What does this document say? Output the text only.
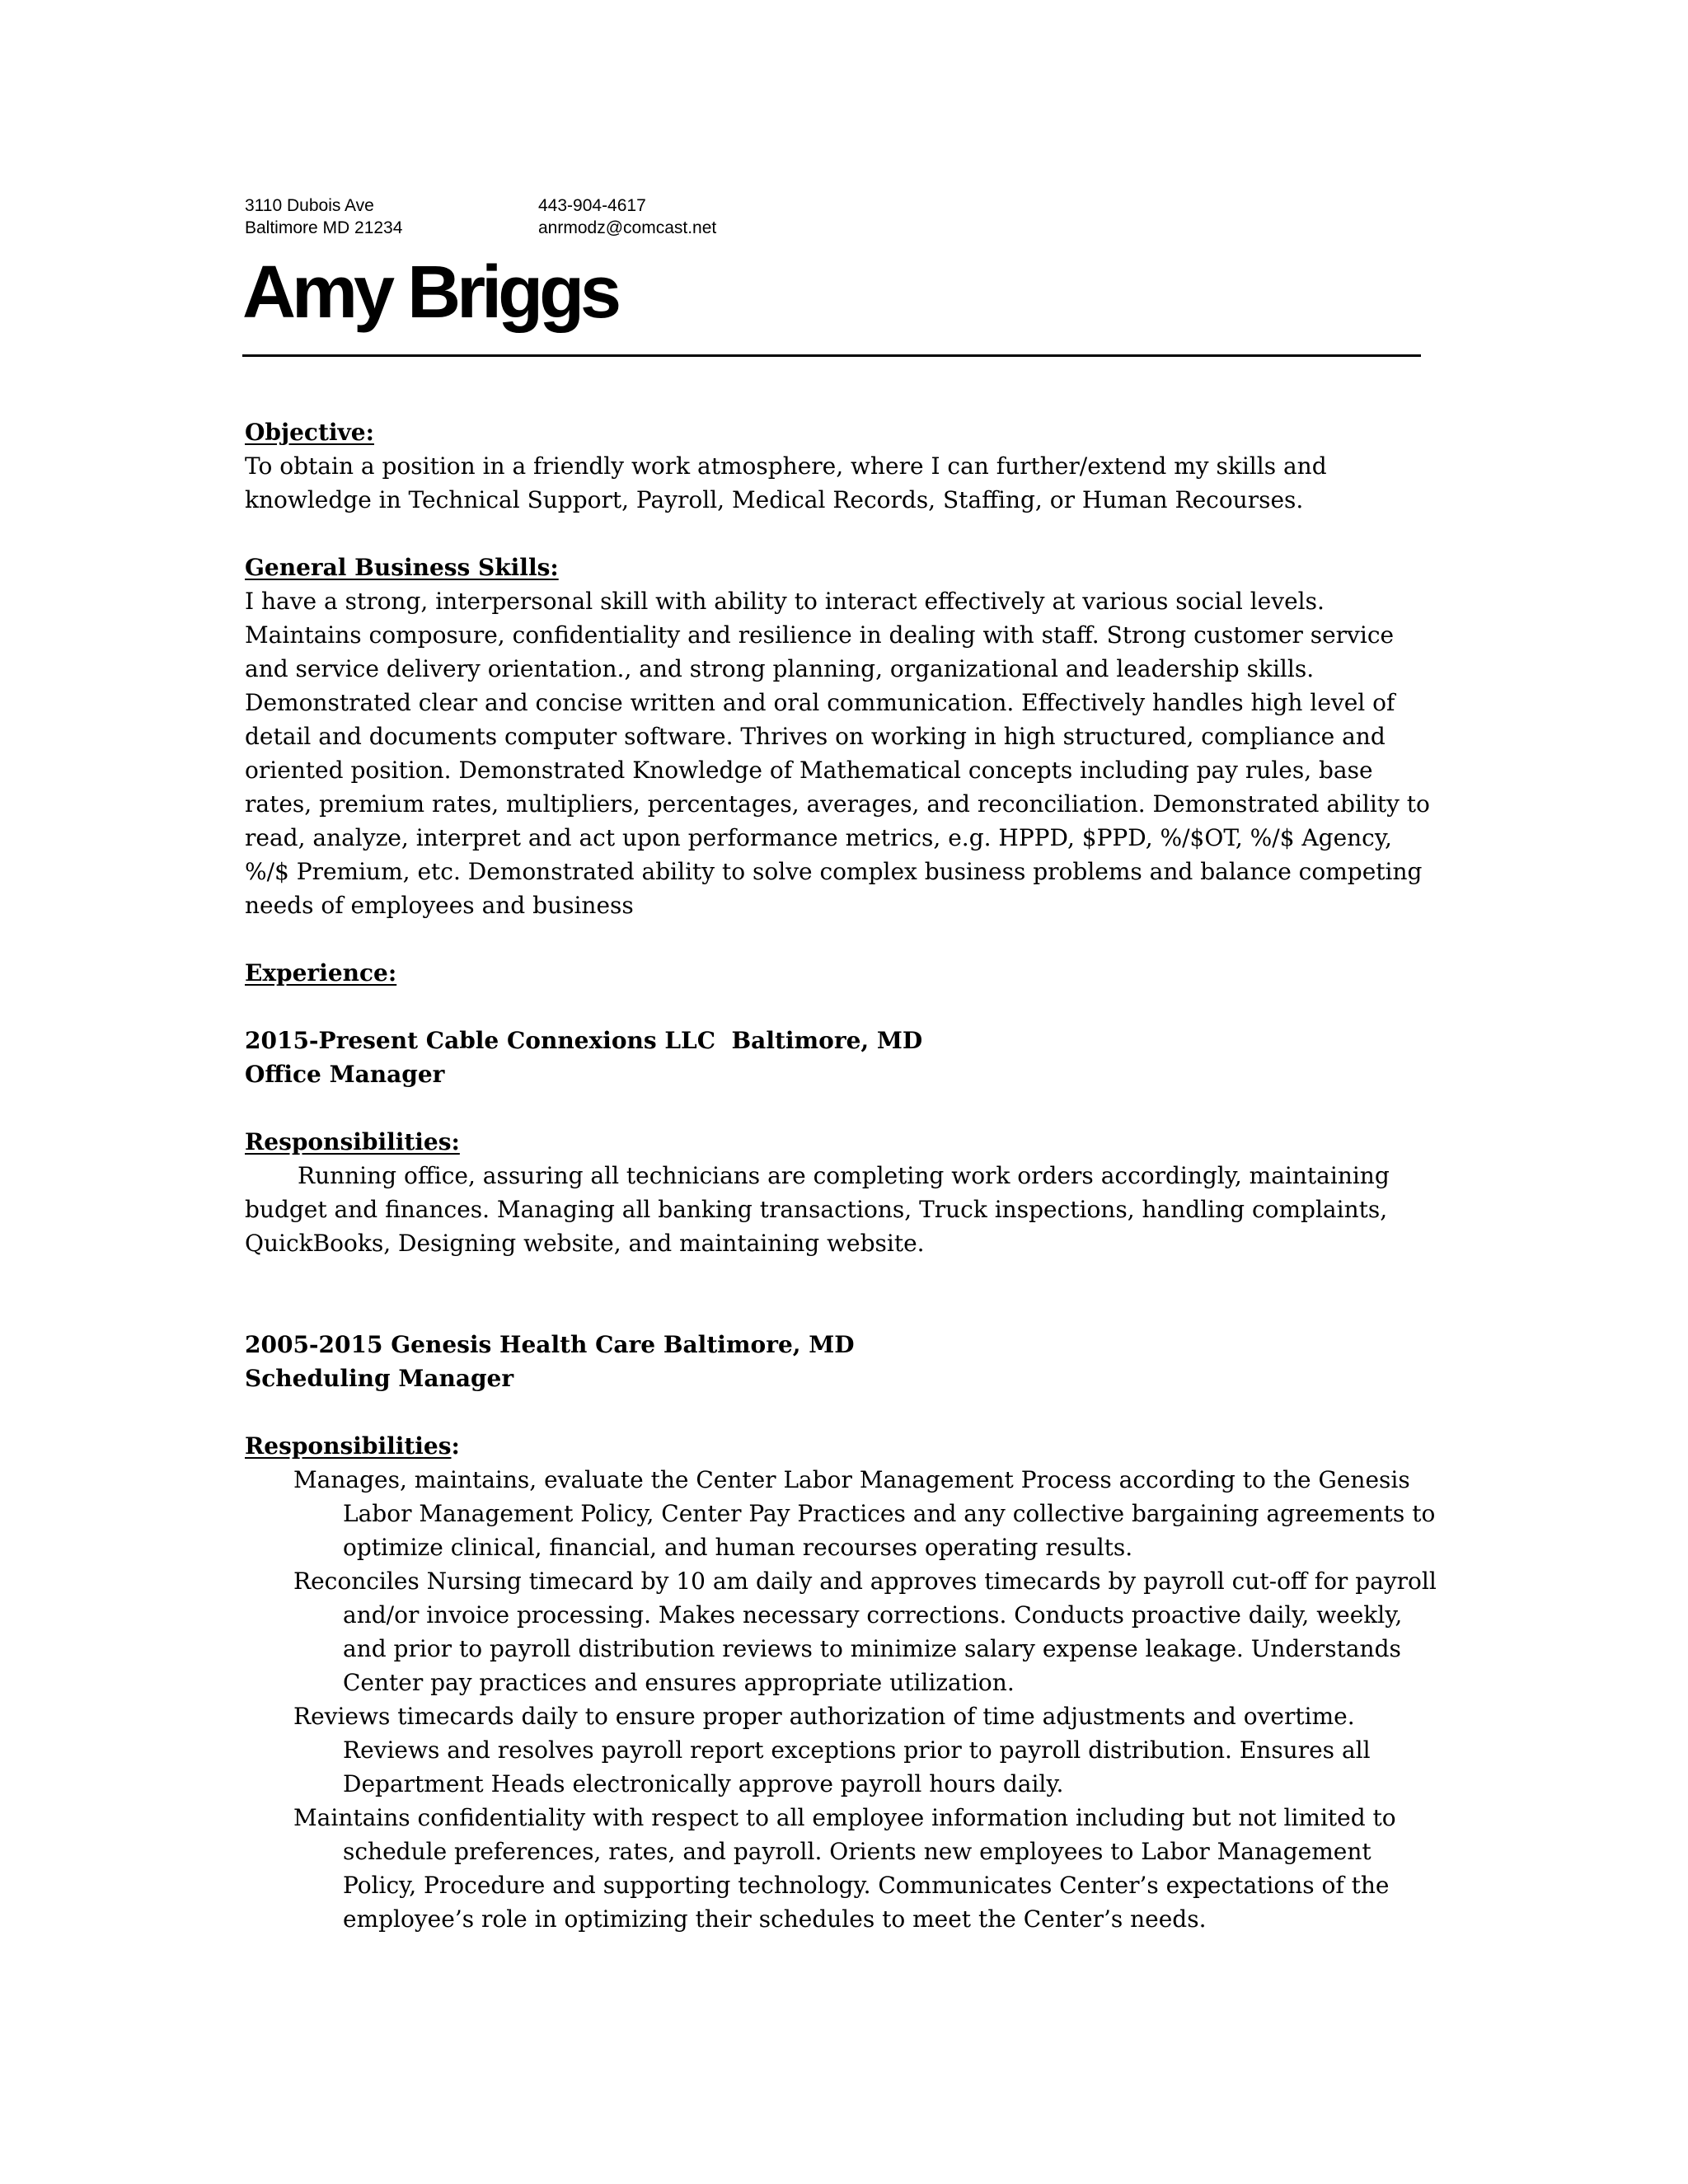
3110 Dubois Ave
Baltimore MD 21234
443-904-4617
anrmodz@comcast.net
Amy Briggs
Objective:

To obtain a position in a friendly work atmosphere, where I can further/extend my skills and knowledge in Technical Support, Payroll, Medical Records, Staffing, or Human Recourses.

General Business Skills:

I have a strong, interpersonal skill with ability to interact effectively at various social levels. Maintains composure, confidentiality and resilience in dealing with staff. Strong customer service and service delivery orientation., and strong planning, organizational and leadership skills. Demonstrated clear and concise written and oral communication. Effectively handles high level of detail and documents computer software. Thrives on working in high structured, compliance and oriented position. Demonstrated Knowledge of Mathematical concepts including pay rules, base rates, premium rates, multipliers, percentages, averages, and reconciliation. Demonstrated ability to read, analyze, interpret and act upon performance metrics, e.g. HPPD, $PPD, %/$OT, %/$ Agency, %/$ Premium, etc. Demonstrated ability to solve complex business problems and balance competing needs of employees and business

Experience:
2015-Present Cable Connexions LLC  Baltimore, MD
Office Manager
Responsibilities:

Running office, assuring all technicians are completing work orders accordingly, maintaining budget and finances. Managing all banking transactions, Truck inspections, handling complaints, QuickBooks, Designing website, and maintaining website.

2005-2015 Genesis Health Care Baltimore, MD
Scheduling Manager
Responsibilities:
Manages, maintains, evaluate the Center Labor Management Process according to the Genesis Labor Management Policy, Center Pay Practices and any collective bargaining agreements to optimize clinical, financial, and human recourses operating results.
Reconciles Nursing timecard by 10 am daily and approves timecards by payroll cut-off for payroll and/or invoice processing. Makes necessary corrections. Conducts proactive daily, weekly, and prior to payroll distribution reviews to minimize salary expense leakage. Understands Center pay practices and ensures appropriate utilization.
Reviews timecards daily to ensure proper authorization of time adjustments and overtime. Reviews and resolves payroll report exceptions prior to payroll distribution. Ensures all Department Heads electronically approve payroll hours daily.
Maintains confidentiality with respect to all employee information including but not limited to schedule preferences, rates, and payroll. Orients new employees to Labor Management Policy, Procedure and supporting technology. Communicates Center’s expectations of the employee’s role in optimizing their schedules to meet the Center’s needs.
